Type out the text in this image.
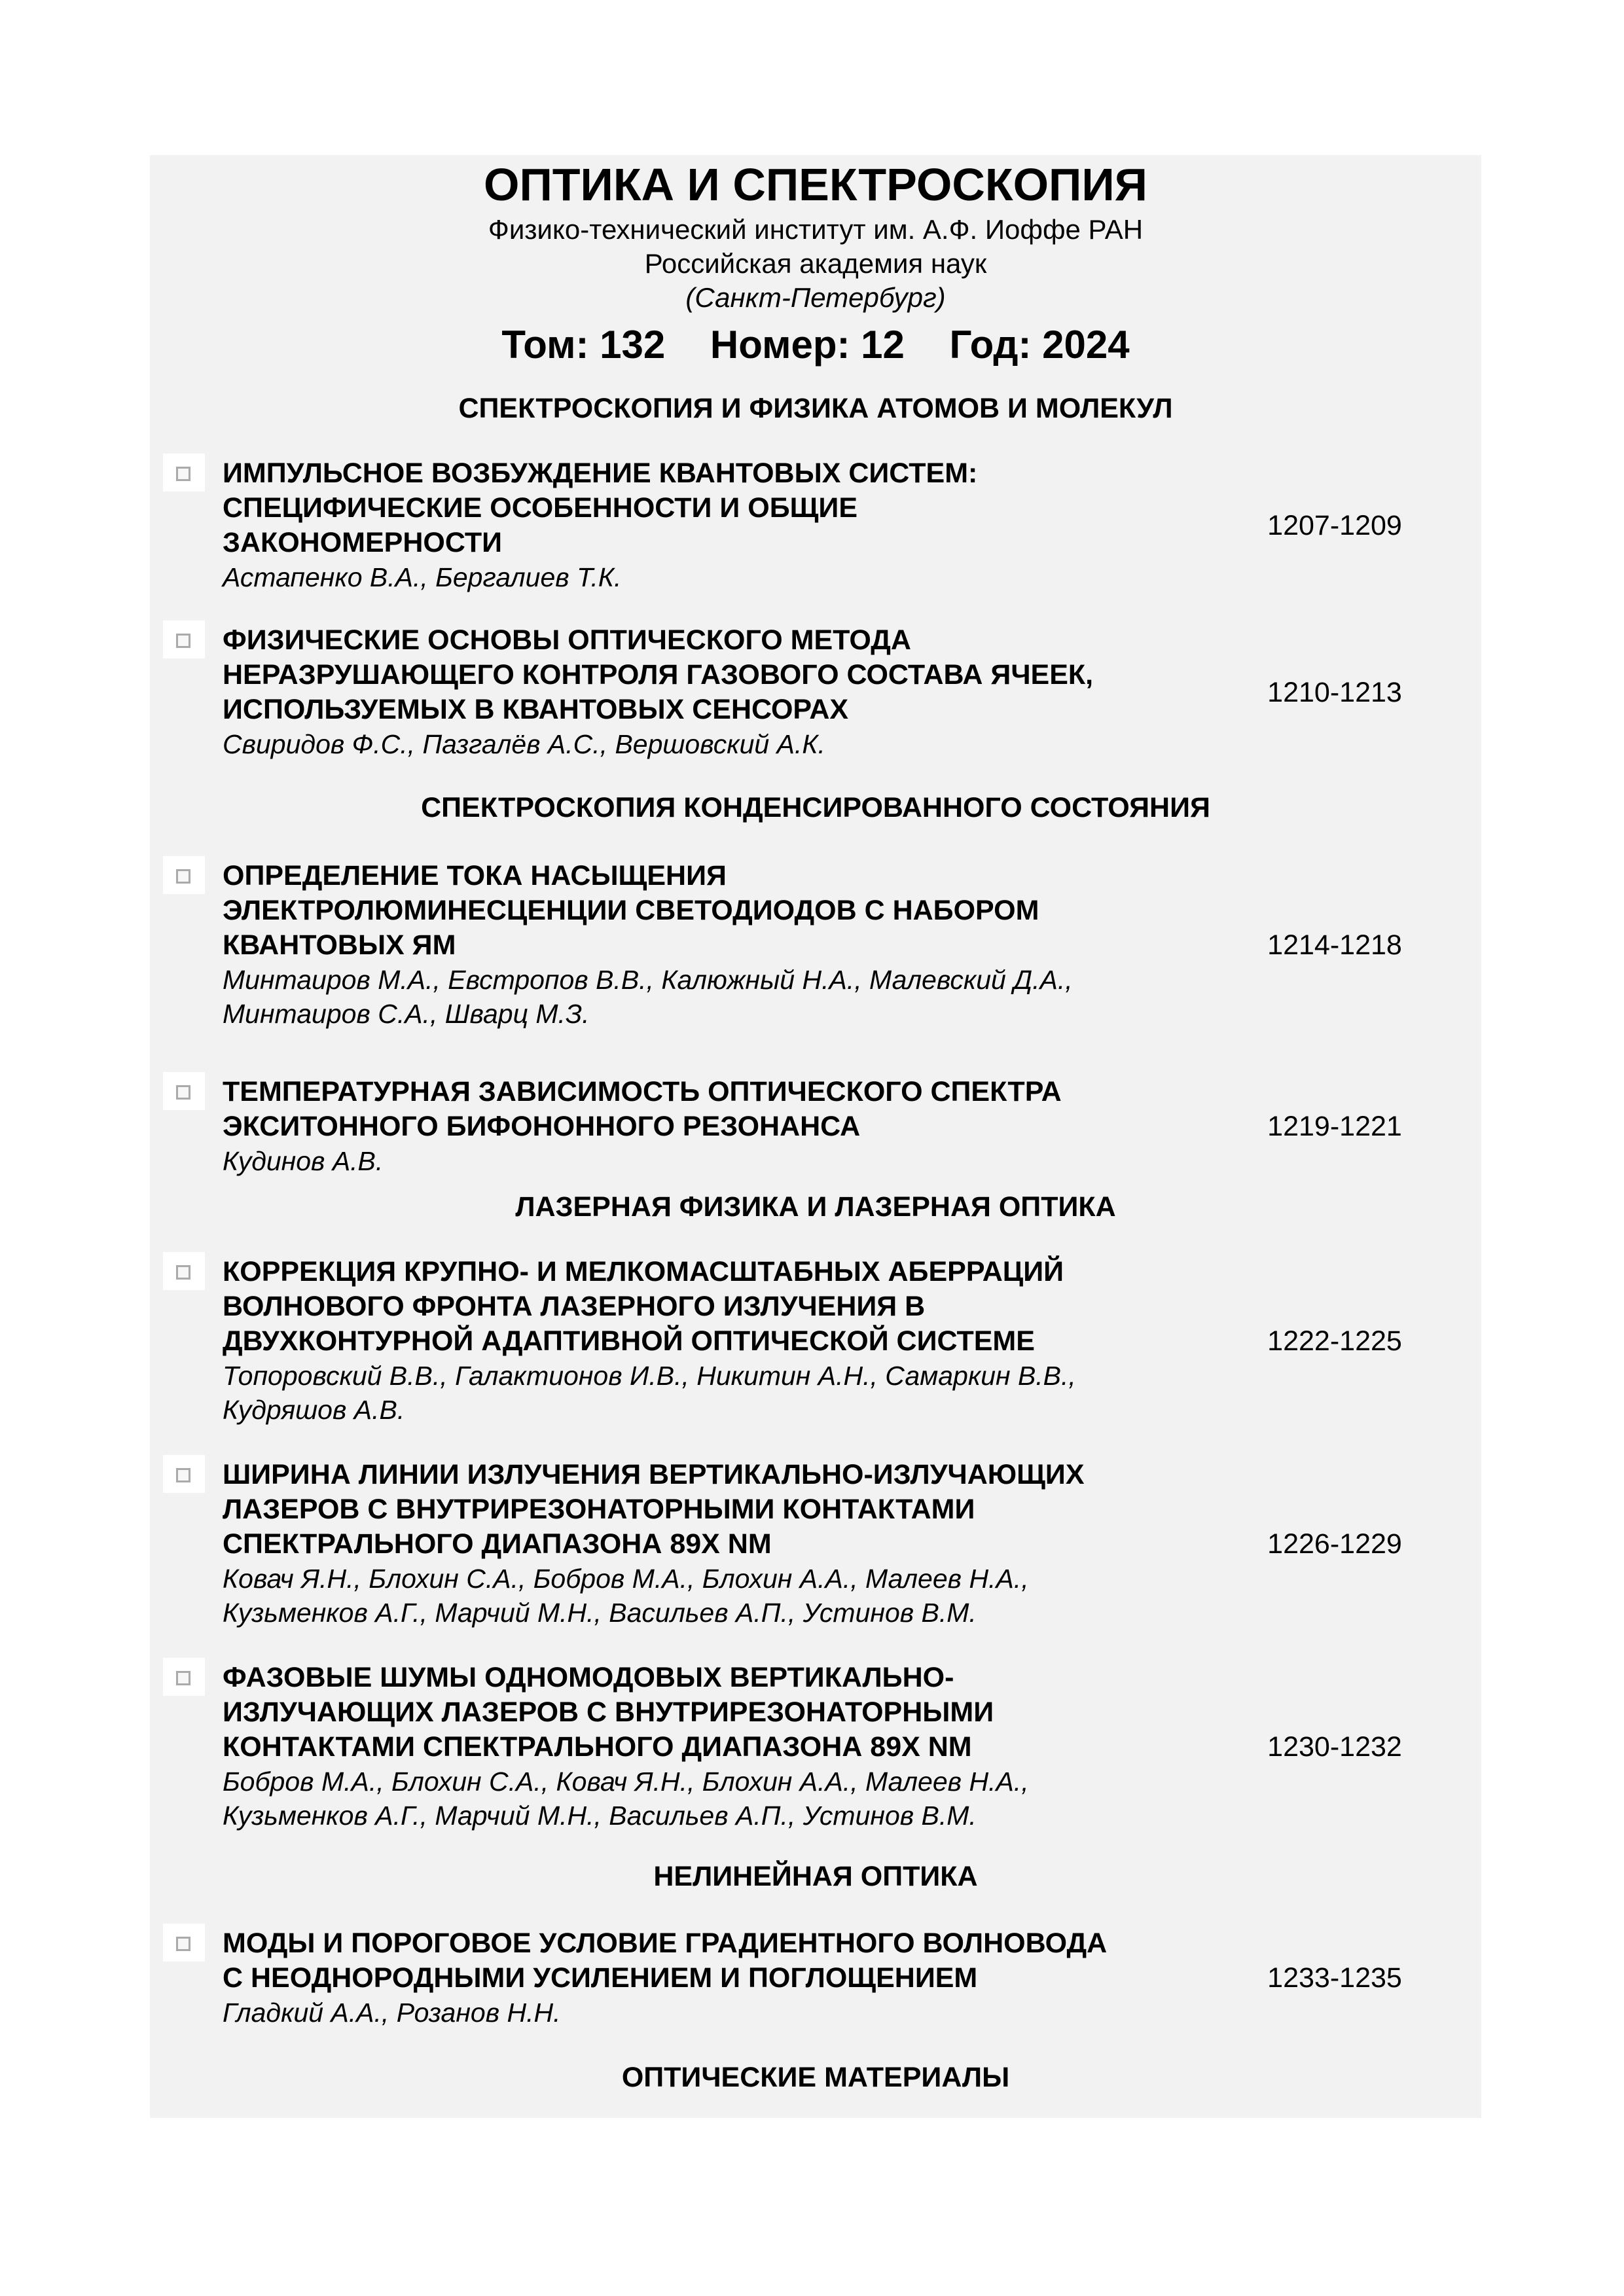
ОПТИКА И СПЕКТРОСКОПИЯ
Физико-технический институт им. А.Ф. Иоффе РАН
Российская академия наук
(Санкт-Петербург)
Том: 132 Номер: 12 Год: 2024
СПЕКТРОСКОПИЯ И ФИЗИКА АТОМОВ И МОЛЕКУЛ
ИМПУЛЬСНОЕ ВОЗБУЖДЕНИЕ КВАНТОВЫХ СИСТЕМ:
СПЕЦИФИЧЕСКИЕ ОСОБЕННОСТИ И ОБЩИЕ
ЗАКОНОМЕРНОСТИ
Астапенко В.А., Бергалиев Т.К.
1207-1209
ФИЗИЧЕСКИЕ ОСНОВЫ ОПТИЧЕСКОГО МЕТОДА
НЕРАЗРУШАЮЩЕГО КОНТРОЛЯ ГАЗОВОГО СОСТАВА ЯЧЕЕК,
ИСПОЛЬЗУЕМЫХ В КВАНТОВЫХ СЕНСОРАХ
Свиридов Ф.С., Пазгалёв А.С., Вершовский А.К.
1210-1213
СПЕКТРОСКОПИЯ КОНДЕНСИРОВАННОГО СОСТОЯНИЯ
ОПРЕДЕЛЕНИЕ ТОКА НАСЫЩЕНИЯ
ЭЛЕКТРОЛЮМИНЕСЦЕНЦИИ СВЕТОДИОДОВ С НАБОРОМ
КВАНТОВЫХ ЯМ
Минтаиров М.А., Евстропов В.В., Калюжный Н.А., Малевский Д.А.,
Минтаиров С.А., Шварц М.З.
1214-1218
ТЕМПЕРАТУРНАЯ ЗАВИСИМОСТЬ ОПТИЧЕСКОГО СПЕКТРА
ЭКСИТОННОГО БИФОНОННОГО РЕЗОНАНСА
Кудинов А.В.
1219-1221
ЛАЗЕРНАЯ ФИЗИКА И ЛАЗЕРНАЯ ОПТИКА
КОРРЕКЦИЯ КРУПНО- И МЕЛКОМАСШТАБНЫХ АБЕРРАЦИЙ
ВОЛНОВОГО ФРОНТА ЛАЗЕРНОГО ИЗЛУЧЕНИЯ В
ДВУХКОНТУРНОЙ АДАПТИВНОЙ ОПТИЧЕСКОЙ СИСТЕМЕ
Топоровский В.В., Галактионов И.В., Никитин А.Н., Самаркин В.В.,
Кудряшов А.В.
1222-1225
ШИРИНА ЛИНИИ ИЗЛУЧЕНИЯ ВЕРТИКАЛЬНО-ИЗЛУЧАЮЩИХ
ЛАЗЕРОВ С ВНУТРИРЕЗОНАТОРНЫМИ КОНТАКТАМИ
СПЕКТРАЛЬНОГО ДИАПАЗОНА 89X NM
Ковач Я.Н., Блохин С.А., Бобров М.А., Блохин А.А., Малеев Н.А.,
Кузьменков А.Г., Марчий М.Н., Васильев А.П., Устинов В.М.
1226-1229
ФАЗОВЫЕ ШУМЫ ОДНОМОДОВЫХ ВЕРТИКАЛЬНО-
ИЗЛУЧАЮЩИХ ЛАЗЕРОВ С ВНУТРИРЕЗОНАТОРНЫМИ
КОНТАКТАМИ СПЕКТРАЛЬНОГО ДИАПАЗОНА 89X NM
Бобров М.А., Блохин С.А., Ковач Я.Н., Блохин А.А., Малеев Н.А.,
Кузьменков А.Г., Марчий М.Н., Васильев А.П., Устинов В.М.
1230-1232
НЕЛИНЕЙНАЯ ОПТИКА
МОДЫ И ПОРОГОВОЕ УСЛОВИЕ ГРАДИЕНТНОГО ВОЛНОВОДА
С НЕОДНОРОДНЫМИ УСИЛЕНИЕМ И ПОГЛОЩЕНИЕМ
Гладкий А.А., Розанов Н.Н.
1233-1235
ОПТИЧЕСКИЕ МАТЕРИАЛЫ
